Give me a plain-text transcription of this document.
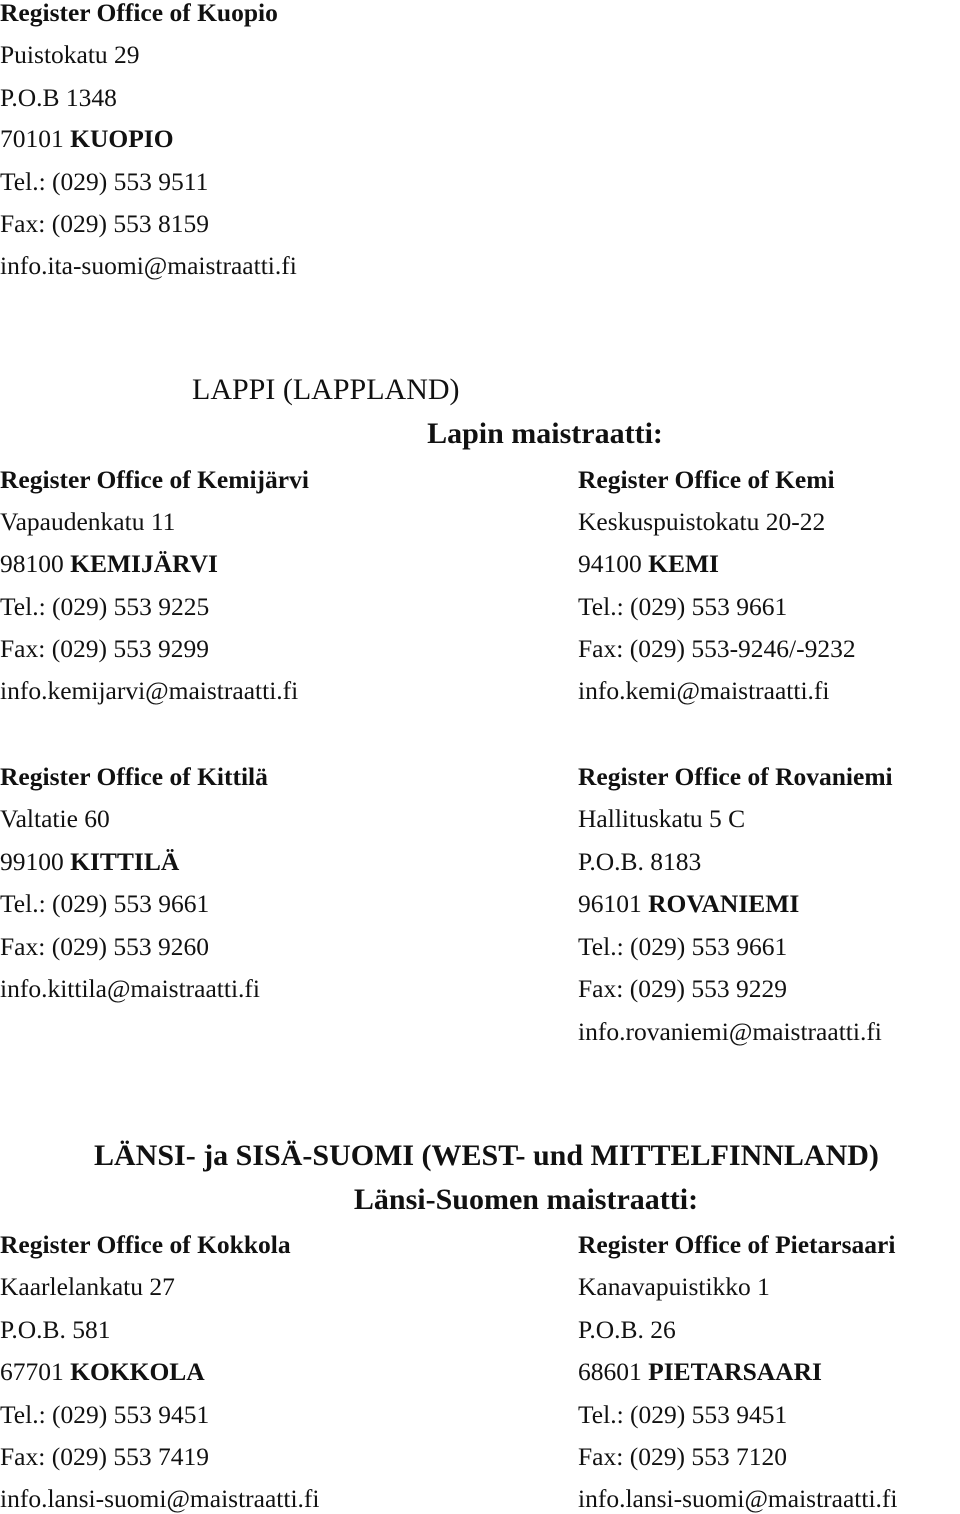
Register Office of Kuopio
Puistokatu 29
P.O.B 1348
70101 KUOPIO
Tel.: (029) 553 9511
Fax: (029) 553 8159
info.ita-suomi@maistraatti.fi
LAPPI (LAPPLAND)
Lapin maistraatti:
Register Office of Kemijärvi
Vapaudenkatu 11
98100 KEMIJÄRVI
Tel.: (029) 553 9225
Fax: (029) 553 9299
info.kemijarvi@maistraatti.fi
Register Office of Kemi
Keskuspuistokatu 20-22
94100 KEMI
Tel.: (029) 553 9661
Fax: (029) 553-9246/-9232
info.kemi@maistraatti.fi
Register Office of Kittilä
Valtatie 60
99100 KITTILÄ
Tel.: (029) 553 9661
Fax: (029) 553 9260
info.kittila@maistraatti.fi
Register Office of Rovaniemi
Hallituskatu 5 C
P.O.B. 8183
96101 ROVANIEMI
Tel.: (029) 553 9661
Fax: (029) 553 9229
info.rovaniemi@maistraatti.fi
LÄNSI- ja SISÄ-SUOMI (WEST- und MITTELFINNLAND)
Länsi-Suomen maistraatti:
Register Office of Kokkola
Kaarlelankatu 27
P.O.B. 581
67701 KOKKOLA
Tel.: (029) 553 9451
Fax: (029) 553 7419
info.lansi-suomi@maistraatti.fi
Register Office of Pietarsaari
Kanavapuistikko 1
P.O.B. 26
68601 PIETARSAARI
Tel.: (029) 553 9451
Fax: (029) 553 7120
info.lansi-suomi@maistraatti.fi
